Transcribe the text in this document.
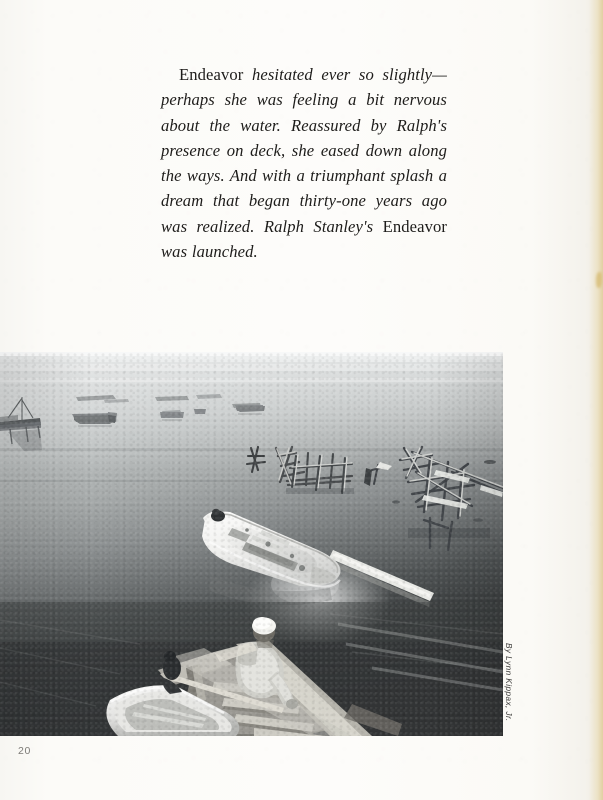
Endeavor hesitated ever so slightly—perhaps she was feeling a bit nervous about the water. Reassured by Ralph's presence on deck, she eased down along the ways. And with a triumphant splash a dream that began thirty-one years ago was realized. Ralph Stanley's Endeavor was launched.
By Lynn Kippax, Jr.
20
